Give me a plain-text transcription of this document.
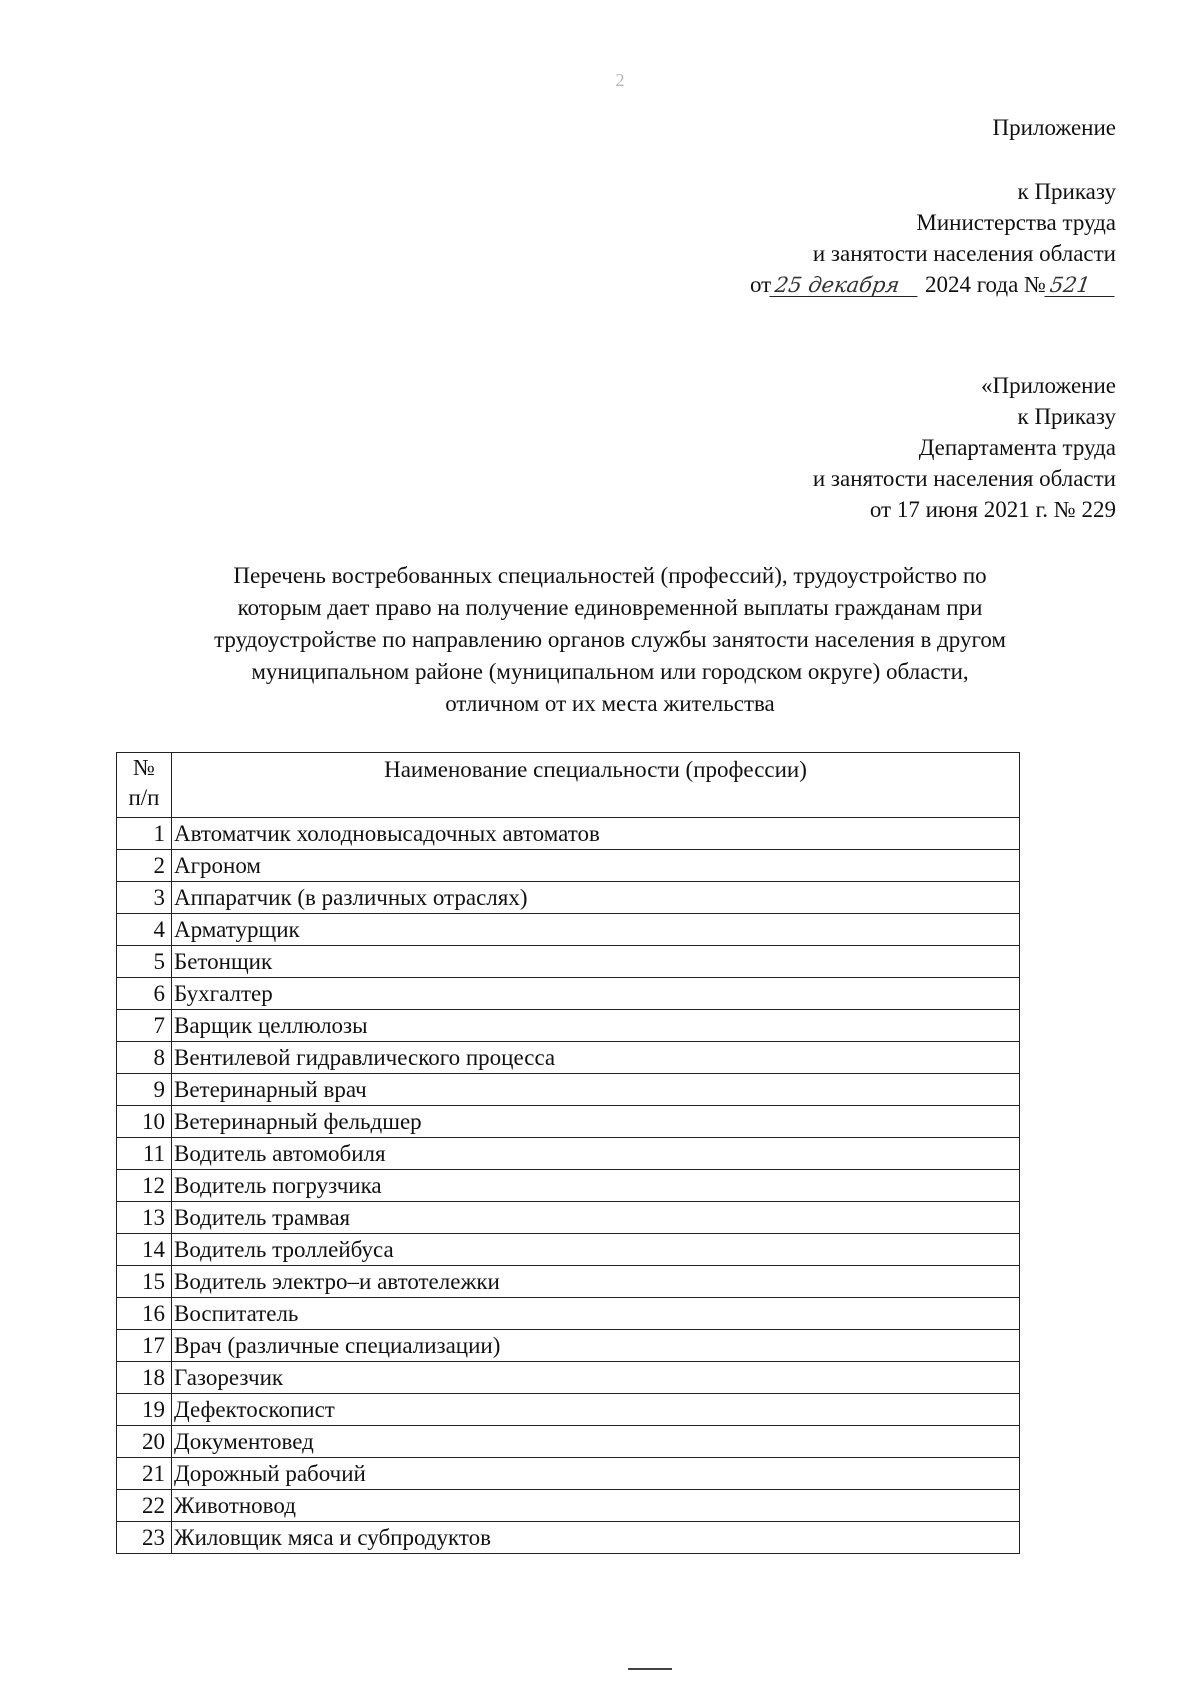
2
Приложение
к Приказу
Министерства труда
и занятости населения области
от 25 декабря 2024 года № 521
«Приложение
к Приказу
Департамента труда
и занятости населения области
от 17 июня 2021 г. № 229
Перечень востребованных специальностей (профессий), трудоустройство по
которым дает право на получение единовременной выплаты гражданам при
трудоустройстве по направлению органов службы занятости населения в другом
муниципальном районе (муниципальном или городском округе) области,
отличном от их места жительства
№
п/п	Наименование специальности (профессии)
1	Автоматчик холодновысадочных автоматов
2	Агроном
3	Аппаратчик (в различных отраслях)
4	Арматурщик
5	Бетонщик
6	Бухгалтер
7	Варщик целлюлозы
8	Вентилевой гидравлического процесса
9	Ветеринарный врач
10	Ветеринарный фельдшер
11	Водитель автомобиля
12	Водитель погрузчика
13	Водитель трамвая
14	Водитель троллейбуса
15	Водитель электро–и автотележки
16	Воспитатель
17	Врач (различные специализации)
18	Газорезчик
19	Дефектоскопист
20	Документовед
21	Дорожный рабочий
22	Животновод
23	Жиловщик мяса и субпродуктов
